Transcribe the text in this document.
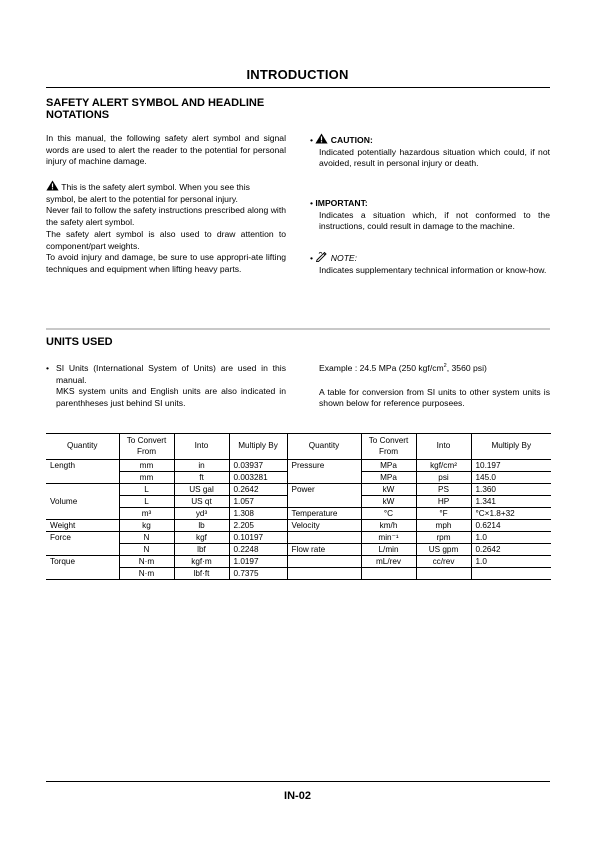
INTRODUCTION
SAFETY ALERT SYMBOL AND HEADLINE
NOTATIONS
In this manual, the following safety alert symbol and signal words are used to alert the reader to the potential for personal injury of machine damage.
This is the safety alert symbol. When you see this
symbol, be alert to the potential for personal injury.
Never fail to follow the safety instructions prescribed along with the safety alert symbol.
The safety alert symbol is also used to draw attention to component/part weights.
To avoid injury and damage, be sure to use appropri-ate lifting techniques and equipment when lifting heavy parts.
• CAUTION:
Indicated potentially hazardous situation which could, if not avoided, result in personal injury or death.
• IMPORTANT:
Indicates a situation which, if not conformed to the instructions, could result in damage to the machine.
• NOTE:
Indicates supplementary technical information or know-how.
UNITS USED
• SI Units (International System of Units) are used in this manual.
MKS system units and English units are also indicated in parenthheses just behind SI units.
Example : 24.5 MPa (250 kgf/$cm^2$, 3560 psi)
A table for conversion from SI units to other system units is shown below for reference purposees.
Quantity	To Convert From	Into	Multiply By	Quantity	To Convert From	Into	Multiply By
Length	mm	in	0.03937	Pressure	MPa	kgf/cm²	10.197
	mm	ft	0.003281		MPa	psi	145.0
	L	US gal	0.2642	Power	kW	PS	1.360
Volume	L	US qt	1.057		kW	HP	1.341
	m³	yd³	1.308	Temperature	°C	°F	°C×1.8+32
Weight	kg	lb	2.205	Velocity	km/h	mph	0.6214
Force	N	kgf	0.10197		min⁻¹	rpm	1.0
	N	lbf	0.2248	Flow rate	L/min	US gpm	0.2642
Torque	N·m	kgf·m	1.0197		mL/rev	cc/rev	1.0
	N·m	lbf·ft	0.7375				
IN-02
